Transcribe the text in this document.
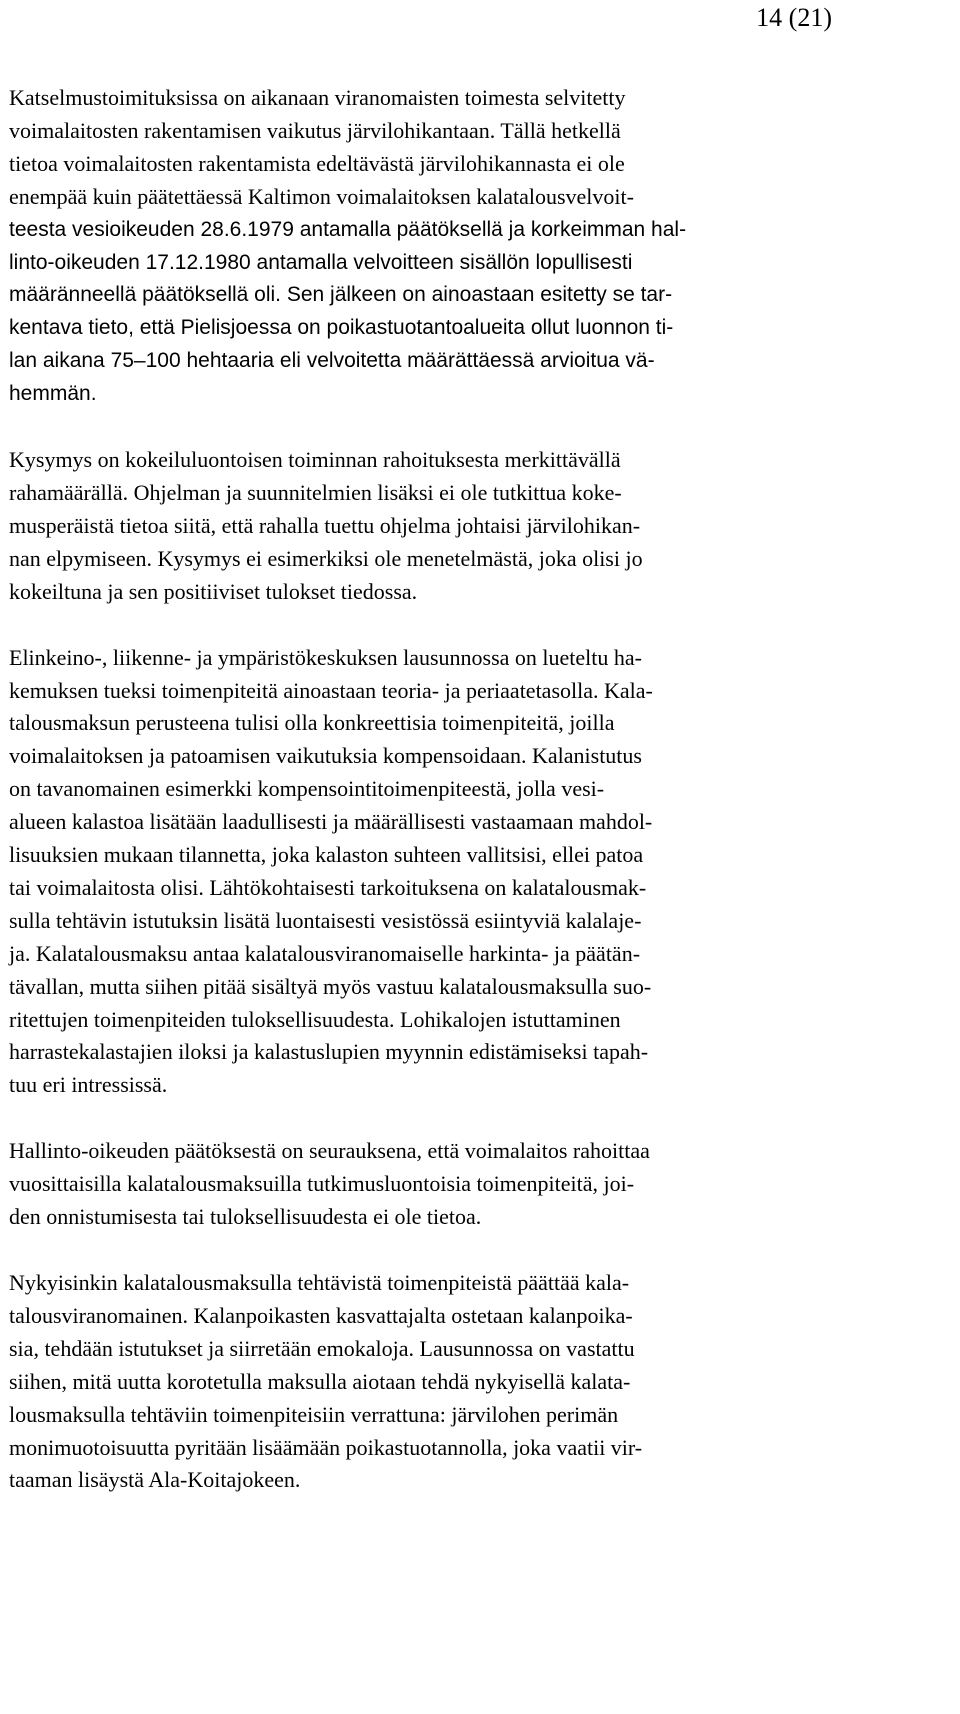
14 (21)

Katselmustoimituksissa on aikanaan viranomaisten toimesta selvitetty
voimalaitosten rakentamisen vaikutus järvilohikantaan. Tällä hetkellä
tietoa voimalaitosten rakentamista edeltävästä järvilohikannasta ei ole
enempää kuin päätettäessä Kaltimon voimalaitoksen kalatalousvelvoit-
teesta vesioikeuden 28.6.1979 antamalla päätöksellä ja korkeimman hal-
linto-oikeuden 17.12.1980 antamalla velvoitteen sisällön lopullisesti
määränneellä päätöksellä oli. Sen jälkeen on ainoastaan esitetty se tar-
kentava tieto, että Pielisjoessa on poikastuotantoalueita ollut luonnon ti-
lan aikana 75–100 hehtaaria eli velvoitetta määrättäessä arvioitua vä-
hemmän.

Kysymys on kokeiluluontoisen toiminnan rahoituksesta merkittävällä
rahamäärällä. Ohjelman ja suunnitelmien lisäksi ei ole tutkittua koke-
musperäistä tietoa siitä, että rahalla tuettu ohjelma johtaisi järvilohikan-
nan elpymiseen. Kysymys ei esimerkiksi ole menetelmästä, joka olisi jo
kokeiltuna ja sen positiiviset tulokset tiedossa.

Elinkeino-, liikenne- ja ympäristökeskuksen lausunnossa on lueteltu ha-
kemuksen tueksi toimenpiteitä ainoastaan teoria- ja periaatetasolla. Kala-
talousmaksun perusteena tulisi olla konkreettisia toimenpiteitä, joilla
voimalaitoksen ja patoamisen vaikutuksia kompensoidaan. Kalanistutus
on tavanomainen esimerkki kompensointitoimenpiteestä, jolla vesi-
alueen kalastoa lisätään laadullisesti ja määrällisesti vastaamaan mahdol-
lisuuksien mukaan tilannetta, joka kalaston suhteen vallitsisi, ellei patoa
tai voimalaitosta olisi. Lähtökohtaisesti tarkoituksena on kalatalousmak-
sulla tehtävin istutuksin lisätä luontaisesti vesistössä esiintyviä kalalaje-
ja. Kalatalousmaksu antaa kalatalousviranomaiselle harkinta- ja päätän-
tävallan, mutta siihen pitää sisältyä myös vastuu kalatalousmaksulla suo-
ritettujen toimenpiteiden tuloksellisuudesta. Lohikalojen istuttaminen
harrastekalastajien iloksi ja kalastuslupien myynnin edistämiseksi tapah-
tuu eri intressissä.

Hallinto-oikeuden päätöksestä on seurauksena, että voimalaitos rahoittaa
vuosittaisilla kalatalousmaksuilla tutkimusluontoisia toimenpiteitä, joi-
den onnistumisesta tai tuloksellisuudesta ei ole tietoa.

Nykyisinkin kalatalousmaksulla tehtävistä toimenpiteistä päättää kala-
talousviranomainen. Kalanpoikasten kasvattajalta ostetaan kalanpoika-
sia, tehdään istutukset ja siirretään emokaloja. Lausunnossa on vastattu
siihen, mitä uutta korotetulla maksulla aiotaan tehdä nykyisellä kalata-
lousmaksulla tehtäviin toimenpiteisiin verrattuna: järvilohen perimän
monimuotoisuutta pyritään lisäämään poikastuotannolla, joka vaatii vir-
taaman lisäystä Ala-Koitajokeen.
